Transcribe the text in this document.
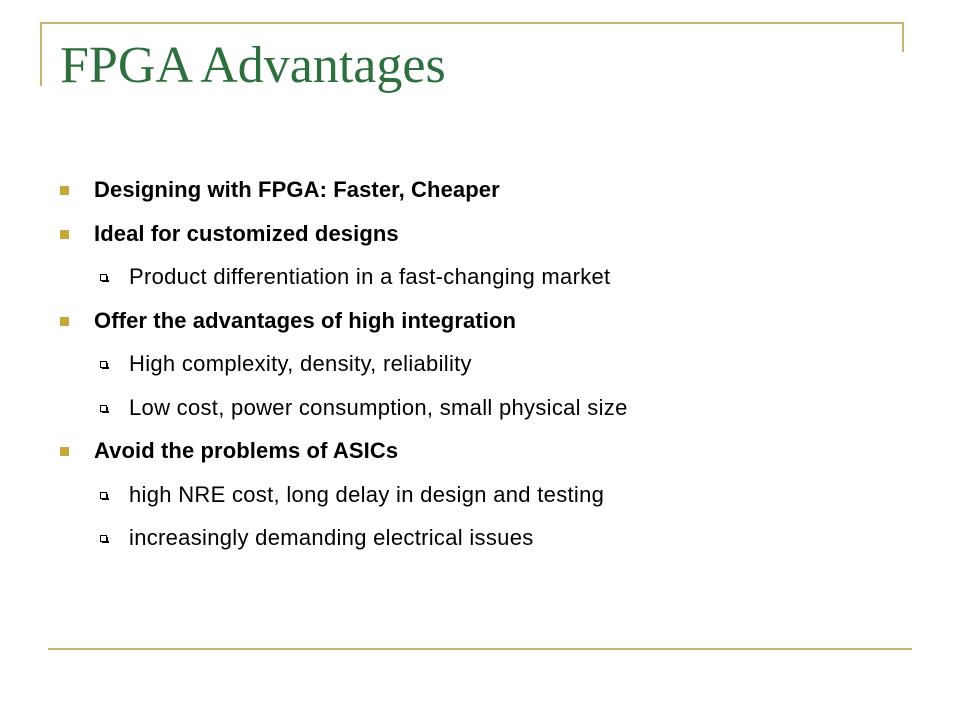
FPGA Advantages
Designing with FPGA: Faster, Cheaper
Ideal for customized designs
Product differentiation in a fast-changing market
Offer the advantages of high integration
High complexity, density, reliability
Low cost, power consumption, small physical size
Avoid the problems of ASICs
high NRE cost, long delay in design and testing
increasingly demanding electrical issues
